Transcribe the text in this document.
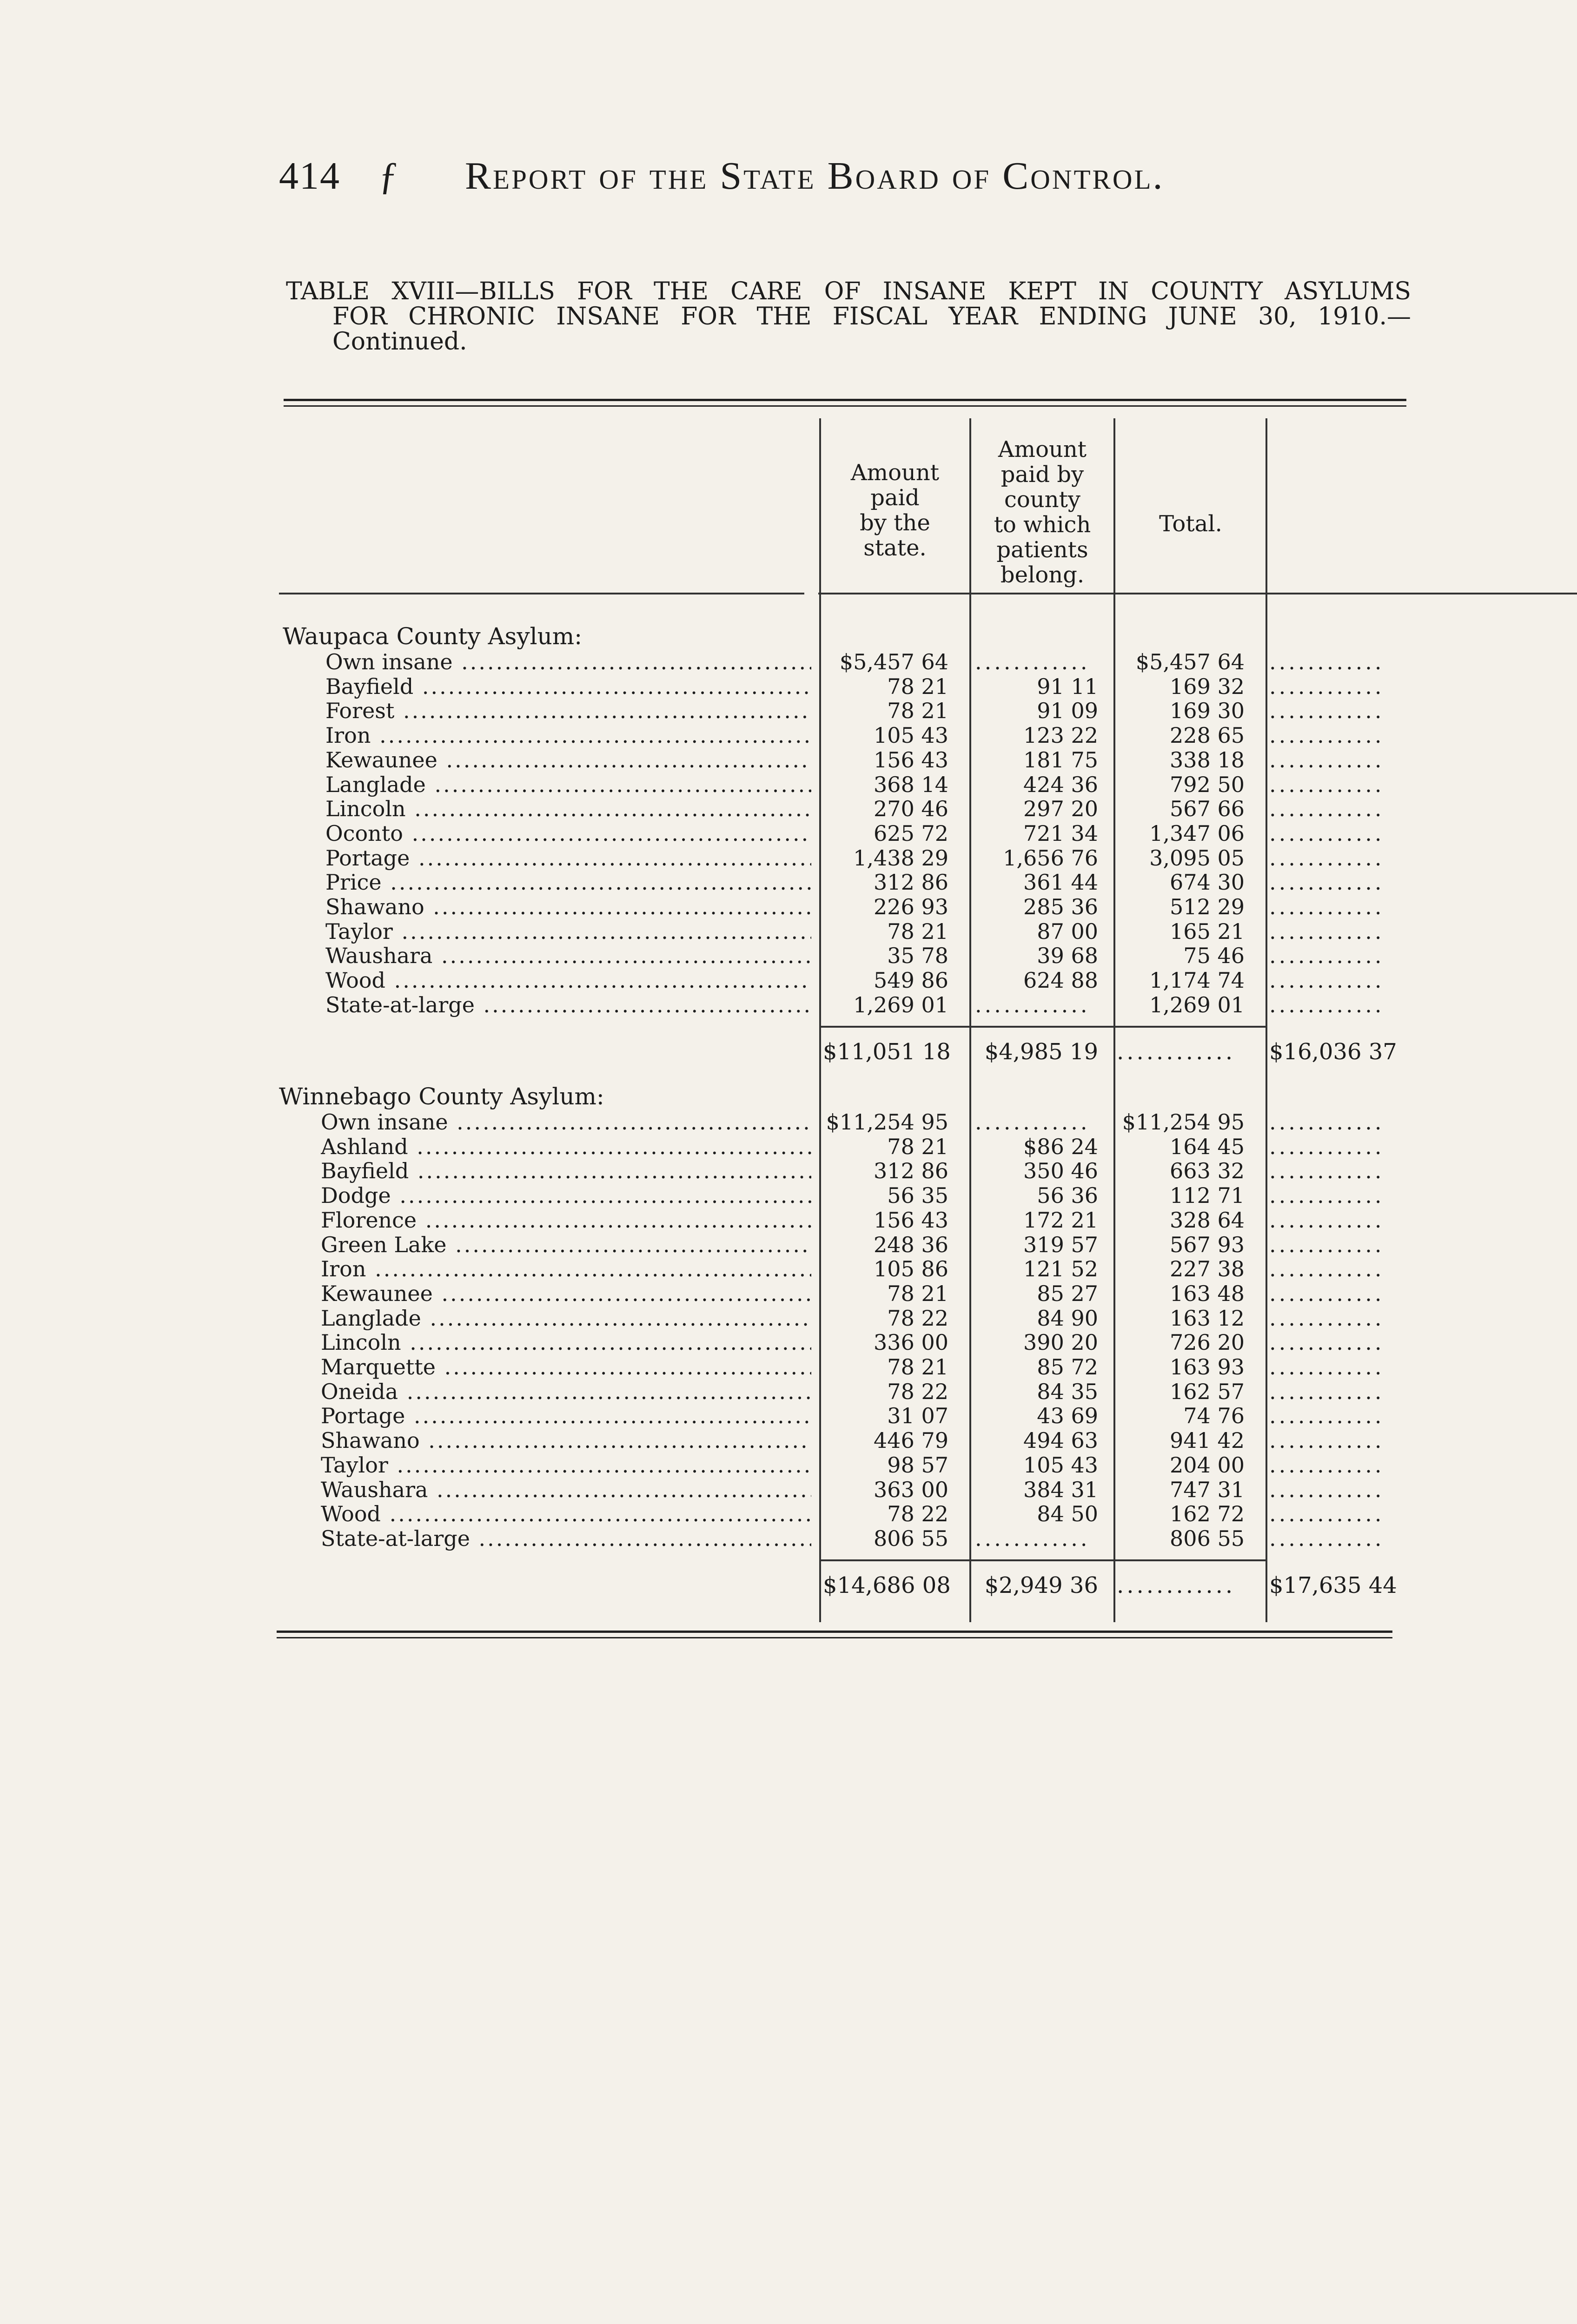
414 ƒ Report of the State Board of Control.
TABLE XVIII—BILLS FOR THE CARE OF INSANE KEPT IN COUNTY ASYLUMS
FOR CHRONIC INSANE FOR THE FISCAL YEAR ENDING JUNE 30, 1910.—
Continued.
Amount
paid
by the
state.
Amount
paid by
county
to which
patients
belong.
Total.
Waupaca County Asylum:
Own insane .....	$5,457 64 ............	$5,457 64 ............
Bayfield .....	78 21	91 11	169 32 ............
Forest .....	78 21	91 09	169 30 ............
Iron .....	105 43	123 22	228 65 ............
Kewaunee .....	156 43	181 75	338 18 ............
Langlade .....	368 14	424 36	792 50 ............
Lincoln .....	270 46	297 20	567 66 ............
Oconto .....	625 72	721 34	1,347 06 ............
Portage .....	1,438 29	1,656 76	3,095 05 ............
Price .....	312 86	361 44	674 30 ............
Shawano .....	226 93	285 36	512 29 ............
Taylor .....	78 21	87 00	165 21 ............
Waushara .....	35 78	39 68	75 46 ............
Wood .....	549 86	624 88	1,174 74 ............
State-at-large .....	1,269 01 ............	1,269 01 ............
$11,051 18	$4,985 19 ............	$16,036 37
Winnebago County Asylum:
Own insane .....	$11,254 95 ............	$11,254 95 ............
Ashland .....	78 21	$86 24	164 45 ............
Bayfield .....	312 86	350 46	663 32 ............
Dodge .....	56 35	56 36	112 71 ............
Florence .....	156 43	172 21	328 64 ............
Green Lake .....	248 36	319 57	567 93 ............
Iron .....	105 86	121 52	227 38 ............
Kewaunee .....	78 21	85 27	163 48 ............
Langlade .....	78 22	84 90	163 12 ............
Lincoln .....	336 00	390 20	726 20 ............
Marquette .....	78 21	85 72	163 93 ............
Oneida .....	78 22	84 35	162 57 ............
Portage .....	31 07	43 69	74 76 ............
Shawano .....	446 79	494 63	941 42 ............
Taylor .....	98 57	105 43	204 00 ............
Waushara .....	363 00	384 31	747 31 ............
Wood .....	78 22	84 50	162 72 ............
State-at-large .....	806 55 ............	806 55 ............
$14,686 08	$2,949 36 ............	$17,635 44
